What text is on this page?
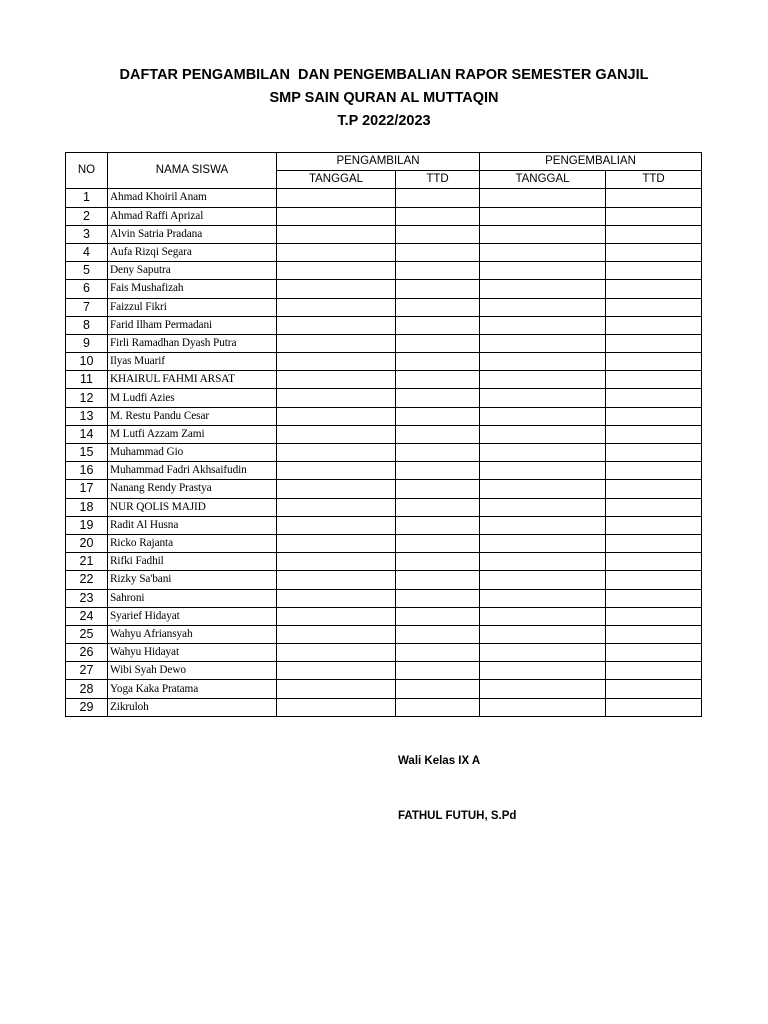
DAFTAR PENGAMBILAN  DAN PENGEMBALIAN RAPOR SEMESTER GANJIL
SMP SAIN QURAN AL MUTTAQIN
T.P 2022/2023
NO	NAMA SISWA	PENGAMBILAN		PENGEMBALIAN	
		TANGGAL	TTD	TANGGAL	TTD
1	Ahmad Khoiril Anam				
2	Ahmad Raffi Aprizal				
3	Alvin Satria Pradana				
4	Aufa Rizqi Segara				
5	Deny Saputra				
6	Fais Mushafizah				
7	Faizzul Fikri				
8	Farid Ilham Permadani				
9	Firli Ramadhan Dyash Putra				
10	Ilyas Muarif				
11	KHAIRUL FAHMI ARSAT				
12	M Ludfi Azies				
13	M. Restu Pandu Cesar				
14	M Lutfi Azzam Zami				
15	Muhammad Gio				
16	Muhammad Fadri Akhsaifudin				
17	Nanang Rendy Prastya				
18	NUR QOLIS MAJID				
19	Radit Al Husna				
20	Ricko Rajanta				
21	Rifki Fadhil				
22	Rizky Sa'bani				
23	Sahroni				
24	Syarief Hidayat				
25	Wahyu Afriansyah				
26	Wahyu Hidayat				
27	Wibi Syah Dewo				
28	Yoga Kaka Pratama				
29	Zikruloh				
Wali Kelas IX A
FATHUL FUTUH, S.Pd
